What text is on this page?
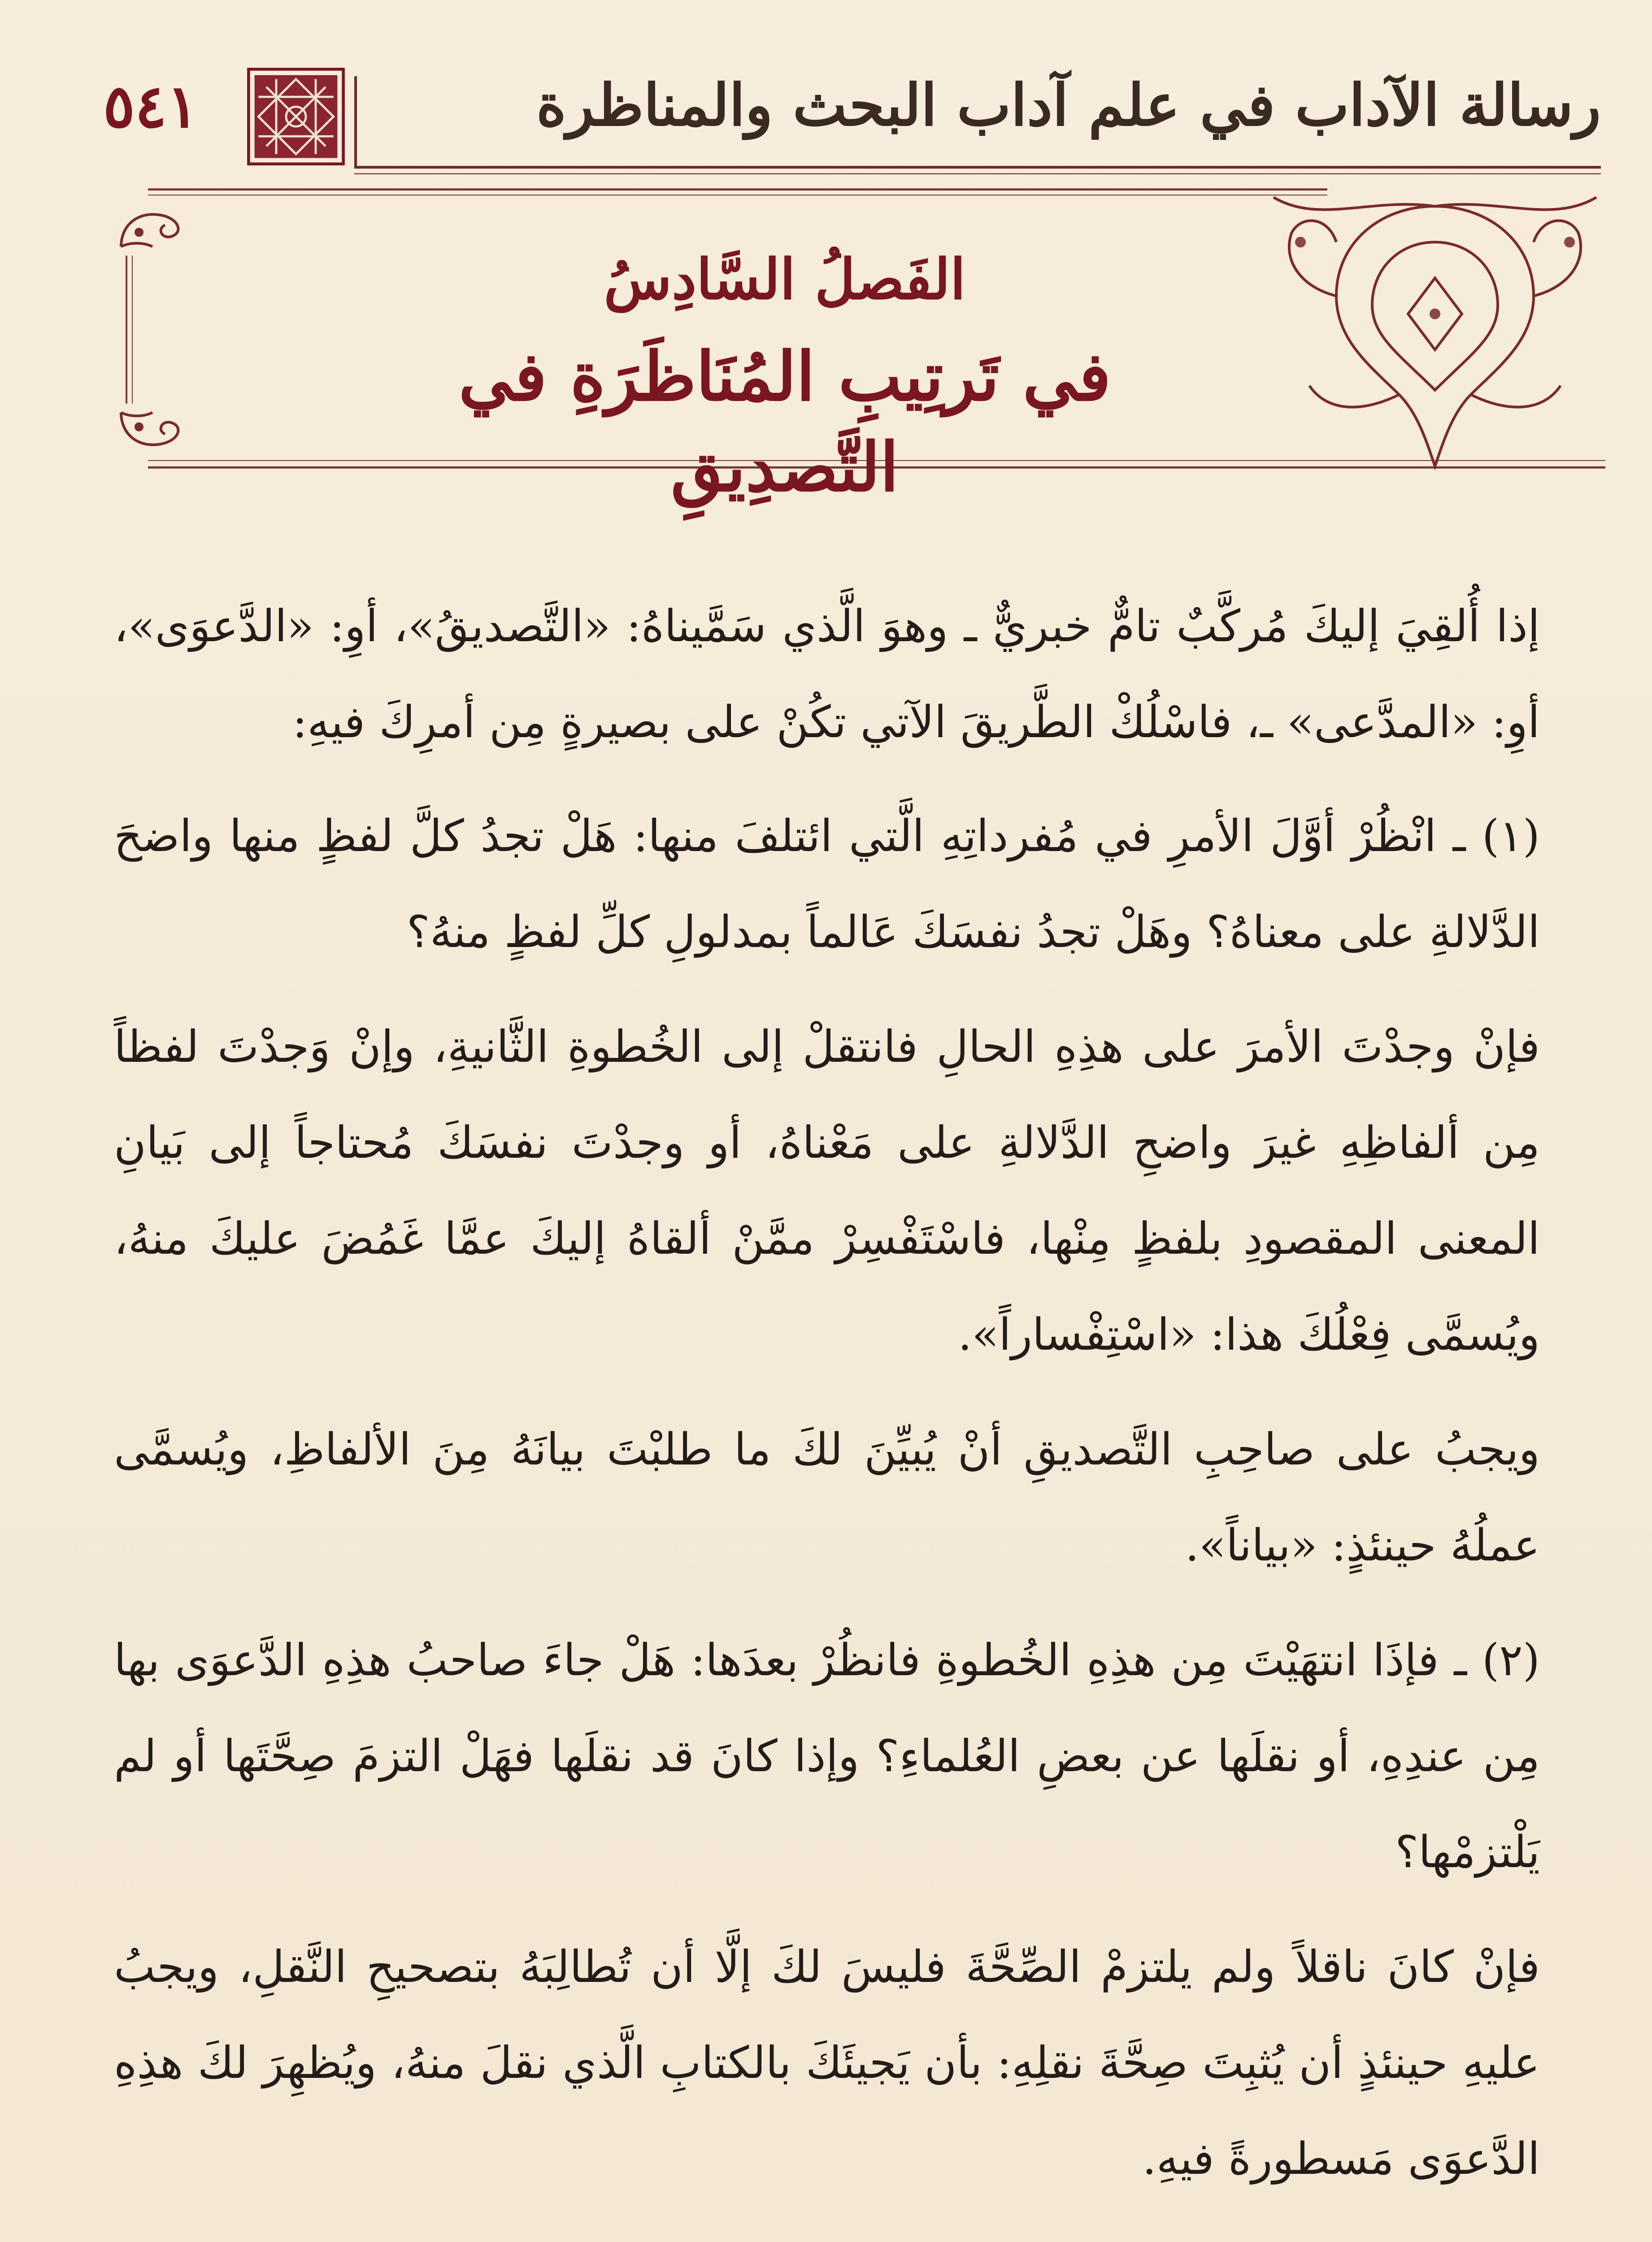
رسالة الآداب في علم آداب البحث والمناظرة
٥٤١
الفَصلُ السَّادِسُ
في تَرتِيبِ المُنَاظَرَةِ في التَّصدِيقِ

إذا أُلقِيَ إليكَ مُركَّبٌ تامٌّ خبريٌّ ـ وهوَ الَّذي سَمَّيناهُ: «التَّصديقُ»، أوِ: «الدَّعوَى»، أوِ: «المدَّعى» ـ، فاسْلُكْ الطَّريقَ الآتي تكُنْ على بصيرةٍ مِن أمرِكَ فيهِ:

(١) ـ انْظُرْ أوَّلَ الأمرِ في مُفرداتِهِ الَّتي ائتلفَ منها: هَلْ تجدُ كلَّ لفظٍ منها واضحَ الدَّلالةِ على معناهُ؟ وهَلْ تجدُ نفسَكَ عَالماً بمدلولِ كلِّ لفظٍ منهُ؟

فإنْ وجدْتَ الأمرَ على هذِهِ الحالِ فانتقلْ إلى الخُطوةِ الثَّانيةِ، وإنْ وَجدْتَ لفظاً مِن ألفاظِهِ غيرَ واضحِ الدَّلالةِ على مَعْناهُ، أو وجدْتَ نفسَكَ مُحتاجاً إلى بَيانِ المعنى المقصودِ بلفظٍ مِنْها، فاسْتَفْسِرْ ممَّنْ ألقاهُ إليكَ عمَّا غَمُضَ عليكَ منهُ، ويُسمَّى فِعْلُكَ هذا: «اسْتِفْساراً».

ويجبُ على صاحِبِ التَّصديقِ أنْ يُبيِّنَ لكَ ما طلبْتَ بيانَهُ مِنَ الألفاظِ، ويُسمَّى عملُهُ حينئذٍ: «بياناً».

(٢) ـ فإذَا انتهَيْتَ مِن هذِهِ الخُطوةِ فانظُرْ بعدَها: هَلْ جاءَ صاحبُ هذِهِ الدَّعوَى بها مِن عندِهِ، أو نقلَها عن بعضِ العُلماءِ؟ وإذا كانَ قد نقلَها فهَلْ التزمَ صِحَّتَها أو لم يَلْتزمْها؟

فإنْ كانَ ناقلاً ولم يلتزمْ الصِّحَّةَ فليسَ لكَ إلَّا أن تُطالِبَهُ بتصحيحِ النَّقلِ، ويجبُ عليهِ حينئذٍ أن يُثبِتَ صِحَّةَ نقلِهِ: بأن يَجيئَكَ بالكتابِ الَّذي نقلَ منهُ، ويُظهِرَ لكَ هذِهِ الدَّعوَى مَسطورةً فيهِ.
